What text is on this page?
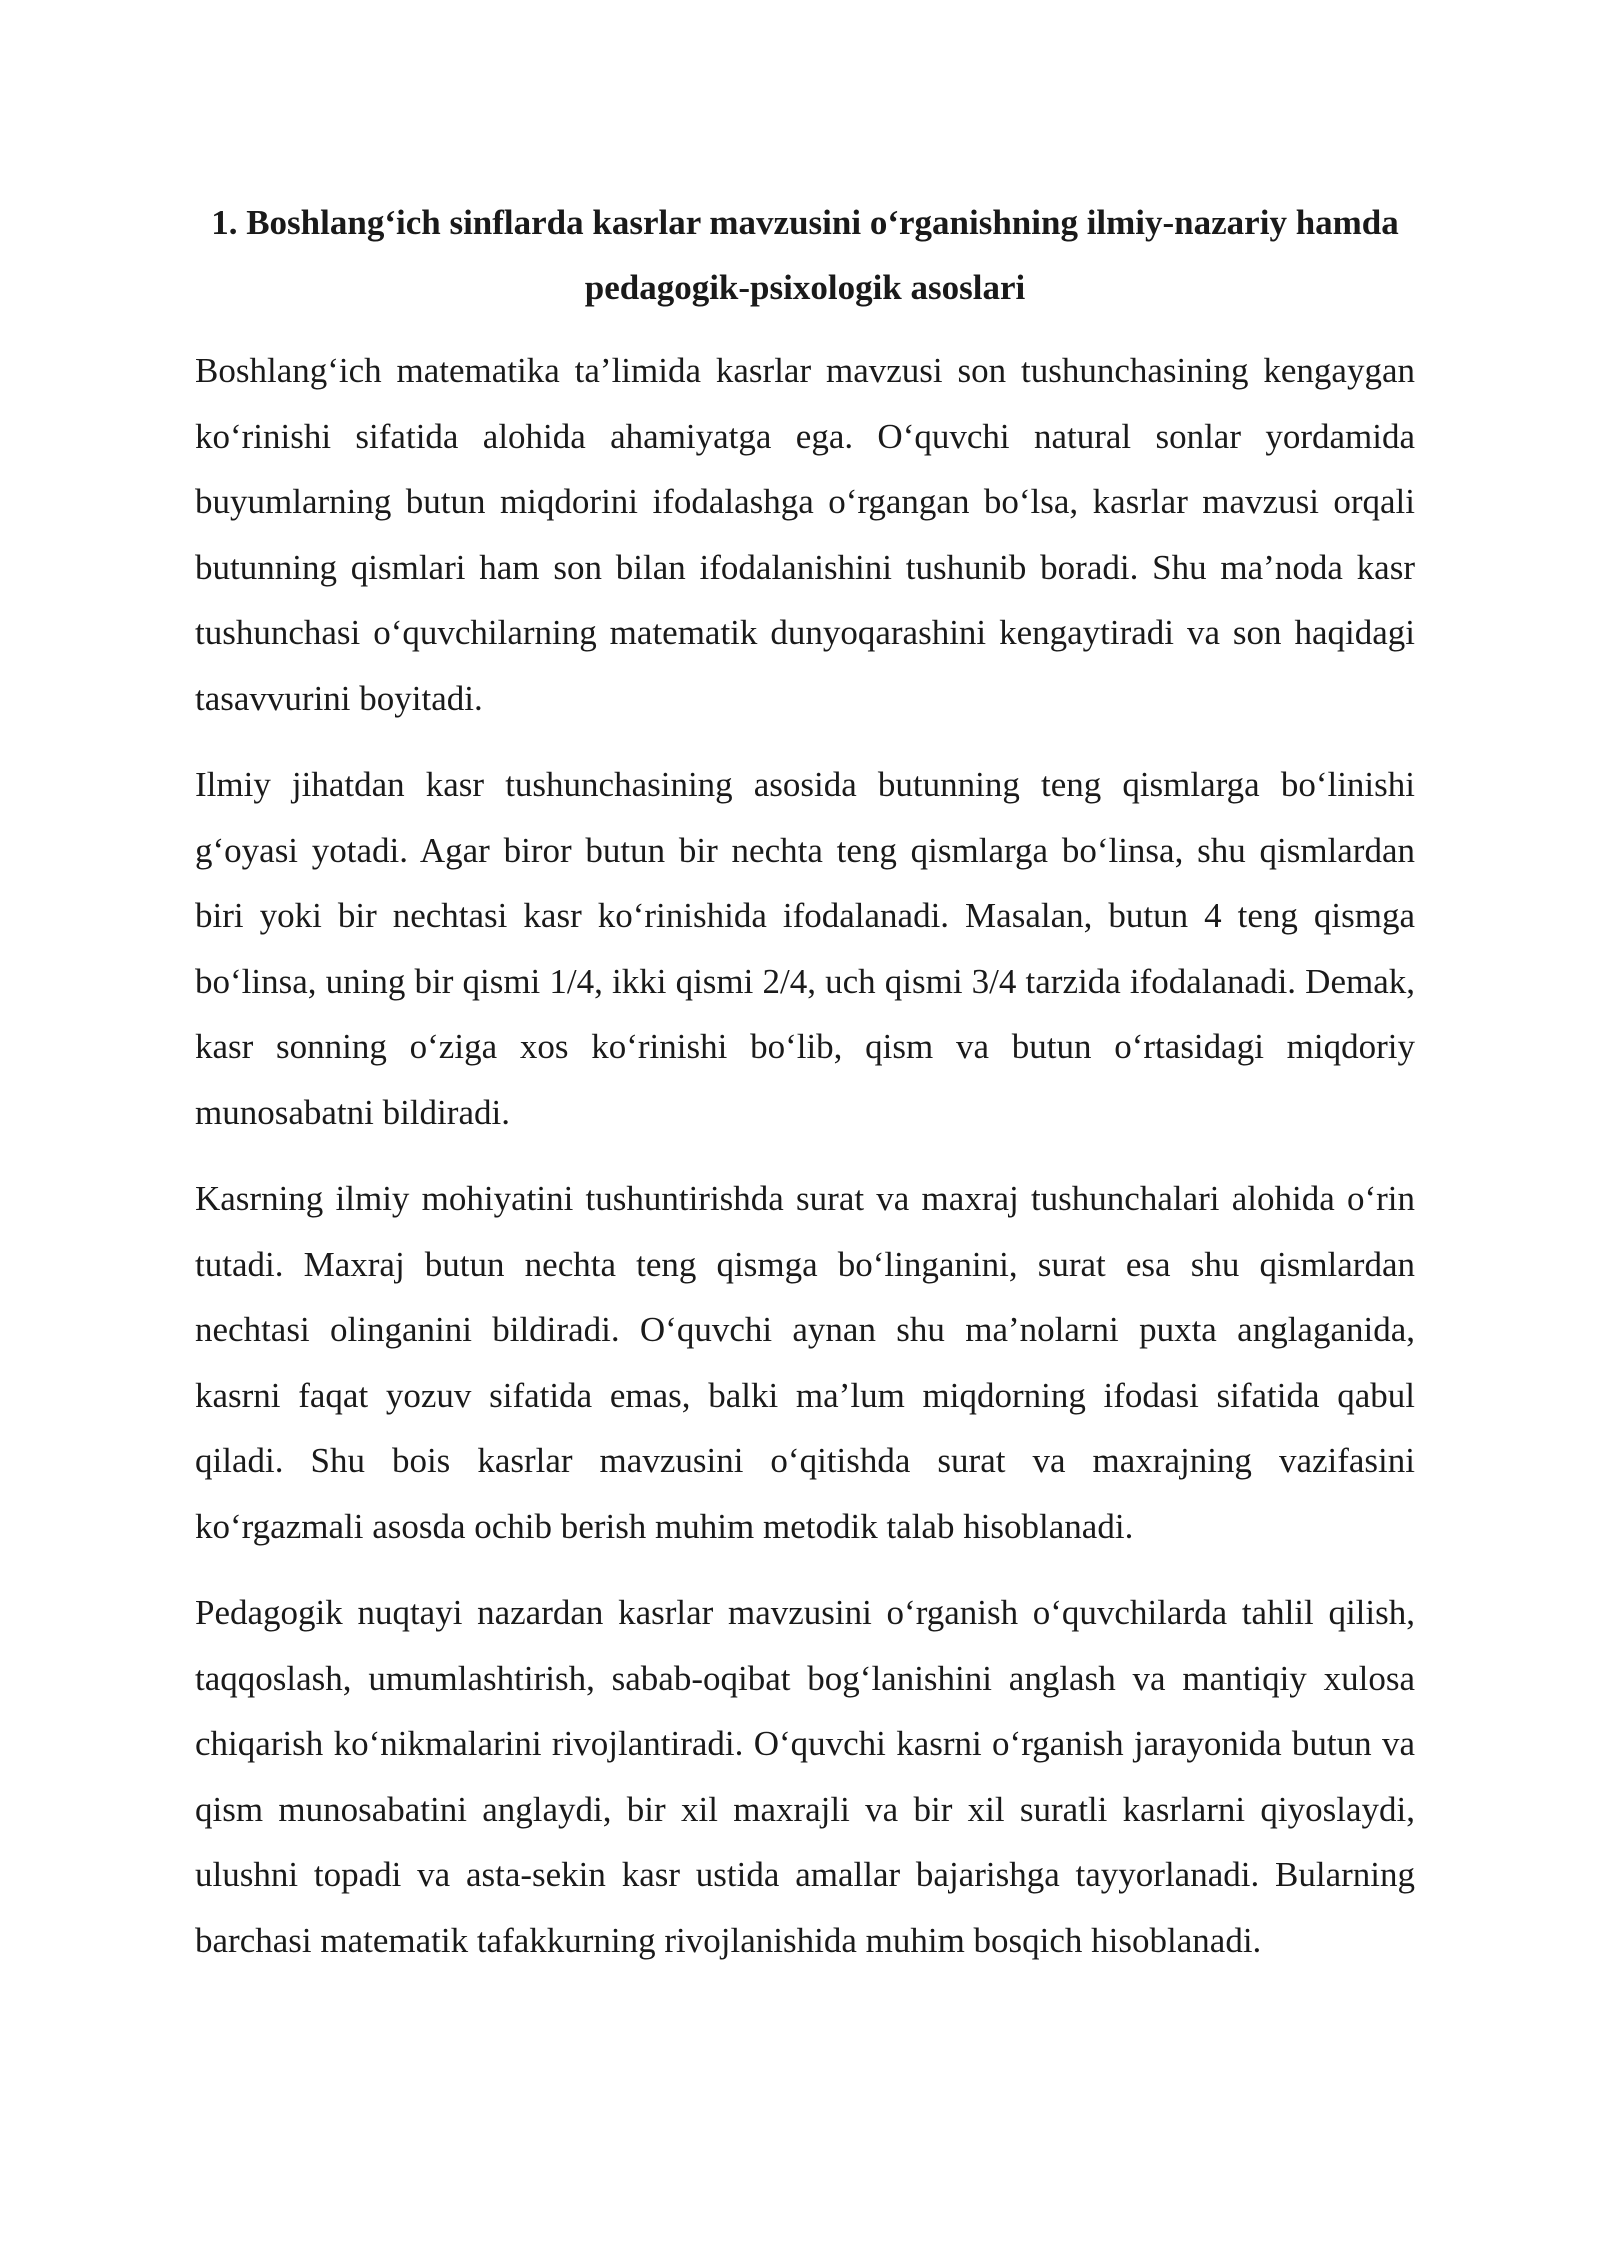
1. Boshlang‘ich sinflarda kasrlar mavzusini o‘rganishning ilmiy-nazariy hamda pedagogik-psixologik asoslari

Boshlang‘ich matematika ta’limida kasrlar mavzusi son tushunchasining kengaygan ko‘rinishi sifatida alohida ahamiyatga ega. O‘quvchi natural sonlar yordamida buyumlarning butun miqdorini ifodalashga o‘rgangan bo‘lsa, kasrlar mavzusi orqali butunning qismlari ham son bilan ifodalanishini tushunib boradi. Shu ma’noda kasr tushunchasi o‘quvchilarning matematik dunyoqarashini kengaytiradi va son haqidagi tasavvurini boyitadi.

Ilmiy jihatdan kasr tushunchasining asosida butunning teng qismlarga bo‘linishi g‘oyasi yotadi. Agar biror butun bir nechta teng qismlarga bo‘linsa, shu qismlardan biri yoki bir nechtasi kasr ko‘rinishida ifodalanadi. Masalan, butun 4 teng qismga bo‘linsa, uning bir qismi 1/4, ikki qismi 2/4, uch qismi 3/4 tarzida ifodalanadi. Demak, kasr sonning o‘ziga xos ko‘rinishi bo‘lib, qism va butun o‘rtasidagi miqdoriy munosabatni bildiradi.

Kasrning ilmiy mohiyatini tushuntirishda surat va maxraj tushunchalari alohida o‘rin tutadi. Maxraj butun nechta teng qismga bo‘linganini, surat esa shu qismlardan nechtasi olinganini bildiradi. O‘quvchi aynan shu ma’nolarni puxta anglaganida, kasrni faqat yozuv sifatida emas, balki ma’lum miqdorning ifodasi sifatida qabul qiladi. Shu bois kasrlar mavzusini o‘qitishda surat va maxrajning vazifasini ko‘rgazmali asosda ochib berish muhim metodik talab hisoblanadi.

Pedagogik nuqtayi nazardan kasrlar mavzusini o‘rganish o‘quvchilarda tahlil qilish, taqqoslash, umumlashtirish, sabab-oqibat bog‘lanishini anglash va mantiqiy xulosa chiqarish ko‘nikmalarini rivojlantiradi. O‘quvchi kasrni o‘rganish jarayonida butun va qism munosabatini anglaydi, bir xil maxrajli va bir xil suratli kasrlarni qiyoslaydi, ulushni topadi va asta-sekin kasr ustida amallar bajarishga tayyorlanadi. Bularning barchasi matematik tafakkurning rivojlanishida muhim bosqich hisoblanadi.
